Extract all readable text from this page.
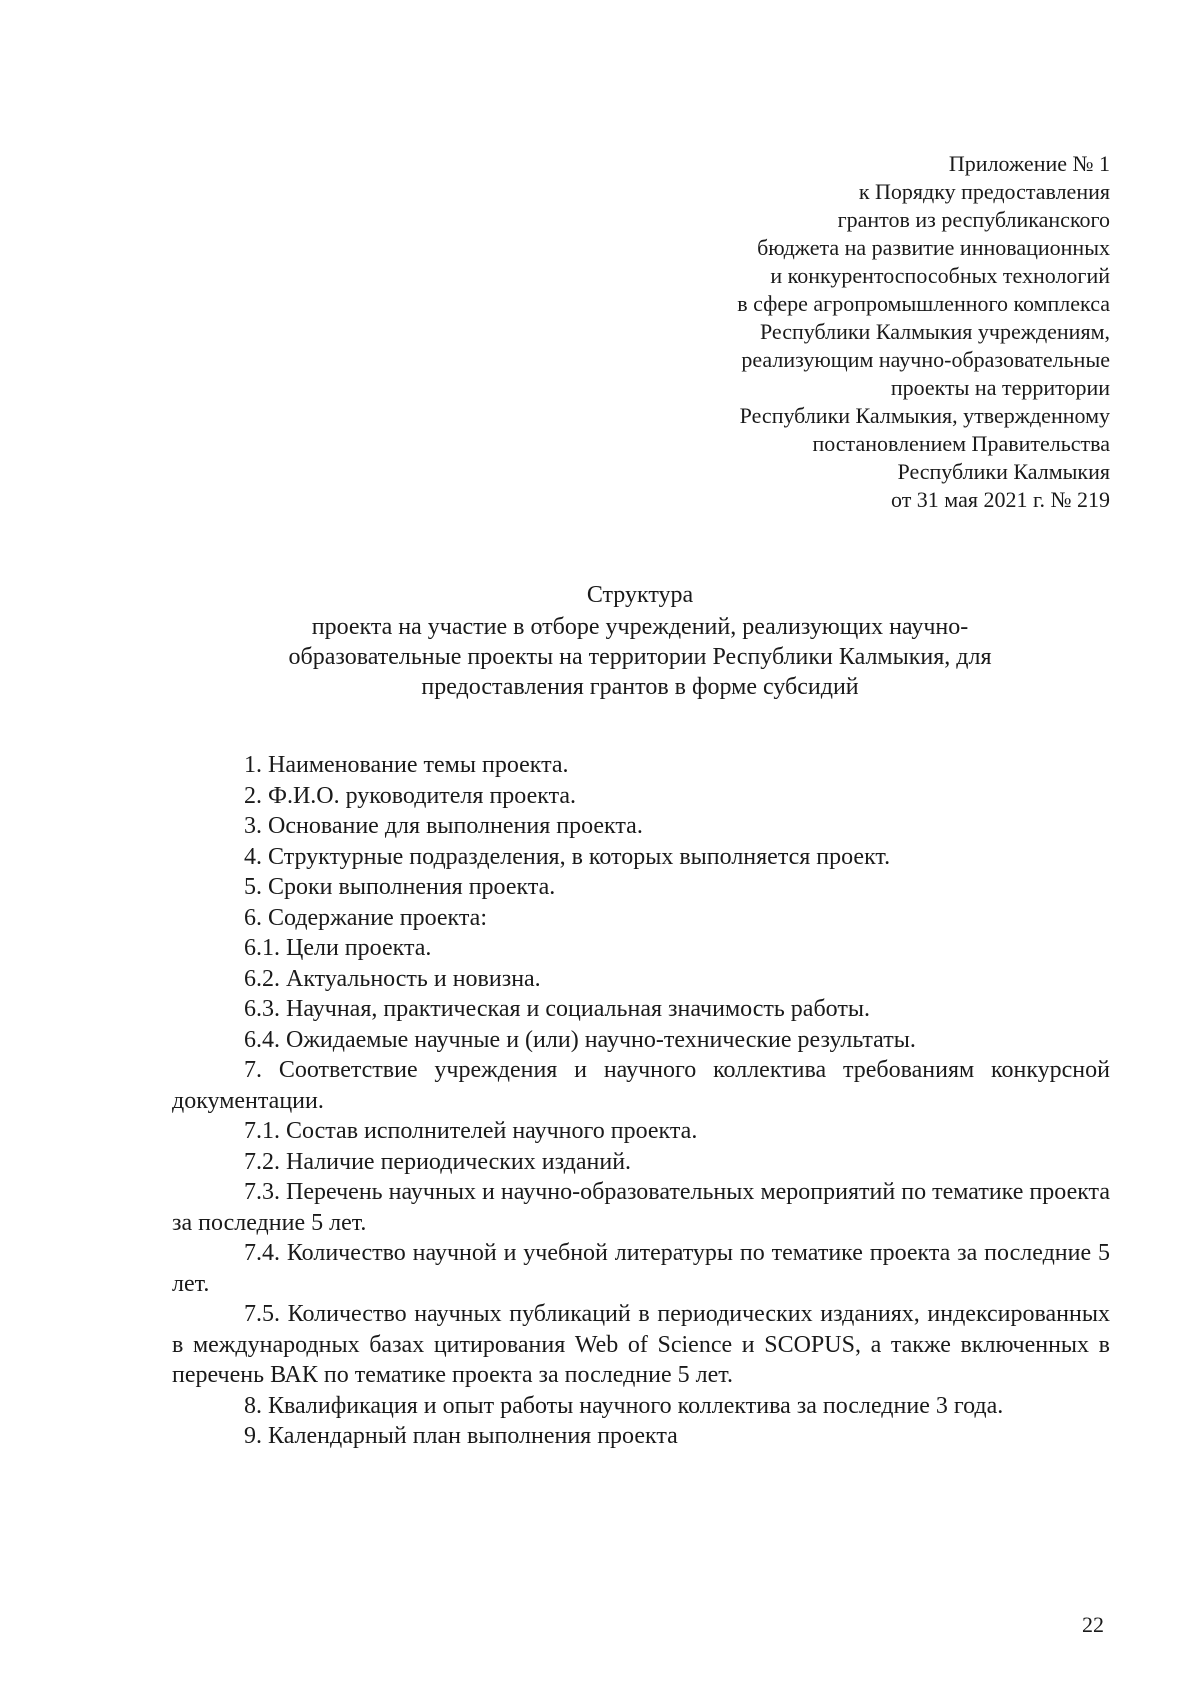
Приложение № 1
к Порядку предоставления
грантов из республиканского
бюджета на развитие инновационных
и конкурентоспособных технологий
в сфере агропромышленного комплекса
Республики Калмыкия учреждениям,
реализующим научно-образовательные
проекты на территории
Республики Калмыкия, утвержденному
постановлением Правительства
Республики Калмыкия
от 31 мая 2021 г. № 219
Структура
проекта на участие в отборе учреждений, реализующих научно-
образовательные проекты на территории Республики Калмыкия, для
предоставления грантов в форме субсидий

1. Наименование темы проекта.

2. Ф.И.О. руководителя проекта.

3. Основание для выполнения проекта.

4. Структурные подразделения, в которых выполняется проект.

5. Сроки выполнения проекта.

6. Содержание проекта:

6.1. Цели проекта.

6.2. Актуальность и новизна.

6.3. Научная, практическая и социальная значимость работы.

6.4. Ожидаемые научные и (или) научно-технические результаты.

7. Соответствие учреждения и научного коллектива требованиям конкурсной документации.

7.1. Состав исполнителей научного проекта.

7.2. Наличие периодических изданий.

7.3. Перечень научных и научно-образовательных мероприятий по тематике проекта за последние 5 лет.

7.4. Количество научной и учебной литературы по тематике проекта за последние 5 лет.

7.5. Количество научных публикаций в периодических изданиях, индексированных в международных базах цитирования Web of Science и SCOPUS, а также включенных в перечень ВАК по тематике проекта за последние 5 лет.

8. Квалификация и опыт работы научного коллектива за последние 3 года.

9. Календарный план выполнения проекта

22
